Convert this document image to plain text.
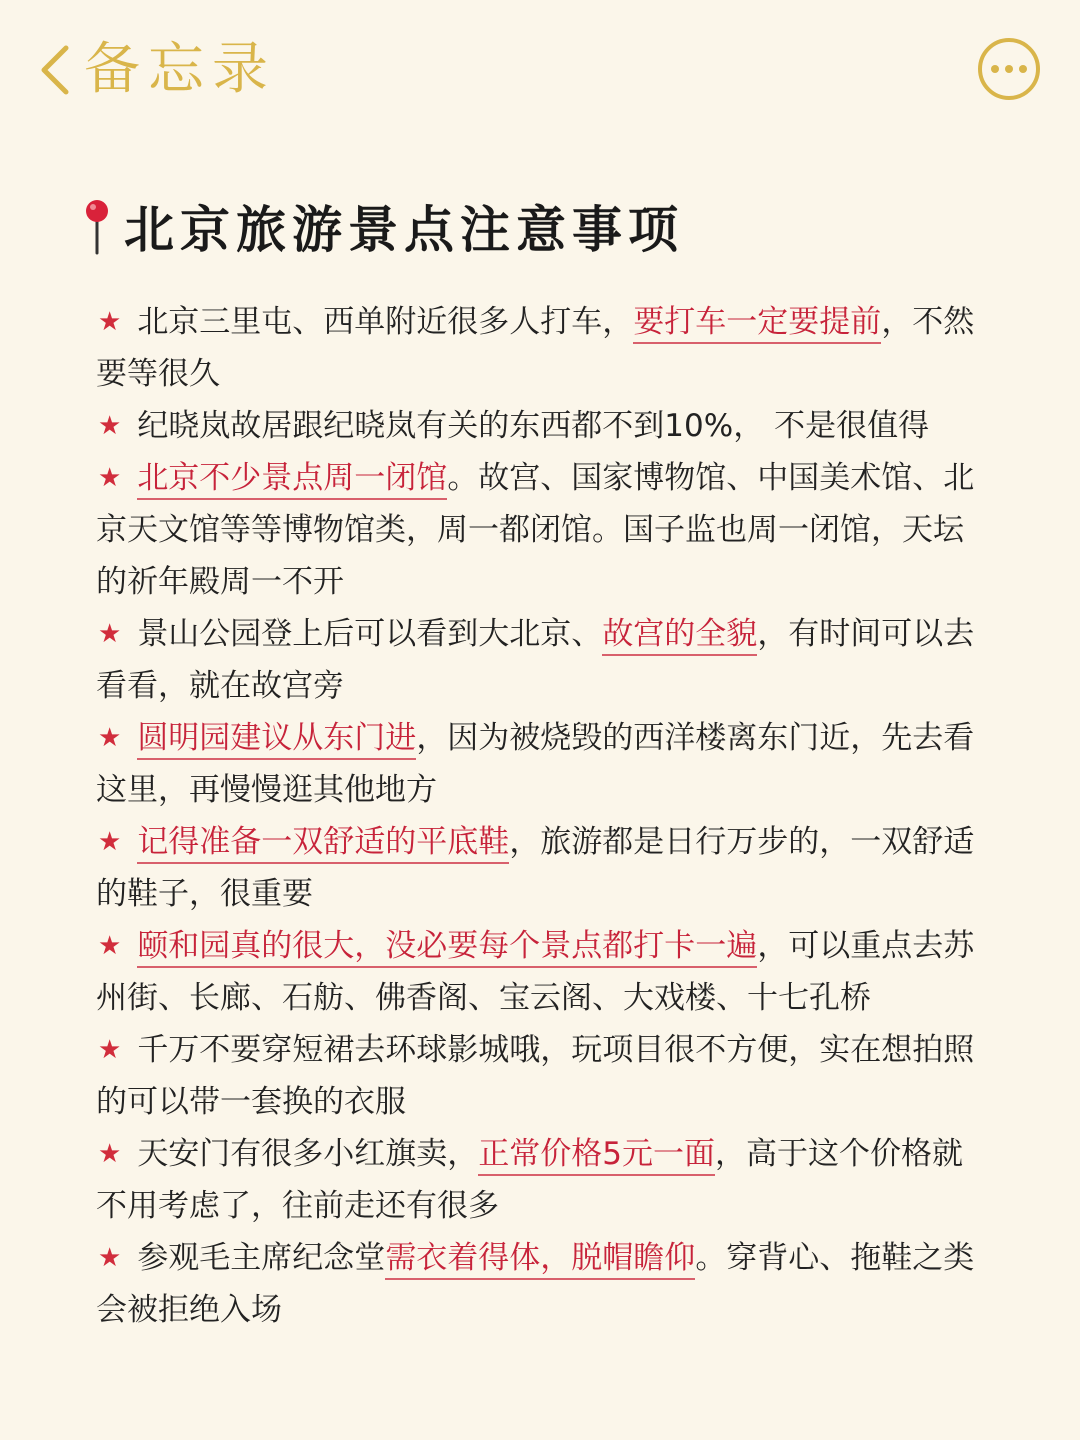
备忘录
北京旅游景点注意事项

★ 北京三里屯、西单附近很多人打车，要打车一定要提前，不然要等很久

★ 纪晓岚故居跟纪晓岚有关的东西都不到10%， 不是很值得

★ 北京不少景点周一闭馆。故宫、国家博物馆、中国美术馆、北京天文馆等等博物馆类，周一都闭馆。国子监也周一闭馆，天坛的祈年殿周一不开

★ 景山公园登上后可以看到大北京、故宫的全貌，有时间可以去看看，就在故宫旁

★ 圆明园建议从东门进，因为被烧毁的西洋楼离东门近，先去看这里，再慢慢逛其他地方

★ 记得准备一双舒适的平底鞋，旅游都是日行万步的，一双舒适的鞋子，很重要

★ 颐和园真的很大，没必要每个景点都打卡一遍，可以重点去苏州街、长廊、石舫、佛香阁、宝云阁、大戏楼、十七孔桥

★ 千万不要穿短裙去环球影城哦，玩项目很不方便，实在想拍照的可以带一套换的衣服

★ 天安门有很多小红旗卖，正常价格5元一面，高于这个价格就不用考虑了，往前走还有很多

★ 参观毛主席纪念堂需衣着得体，脱帽瞻仰。穿背心、拖鞋之类会被拒绝入场
